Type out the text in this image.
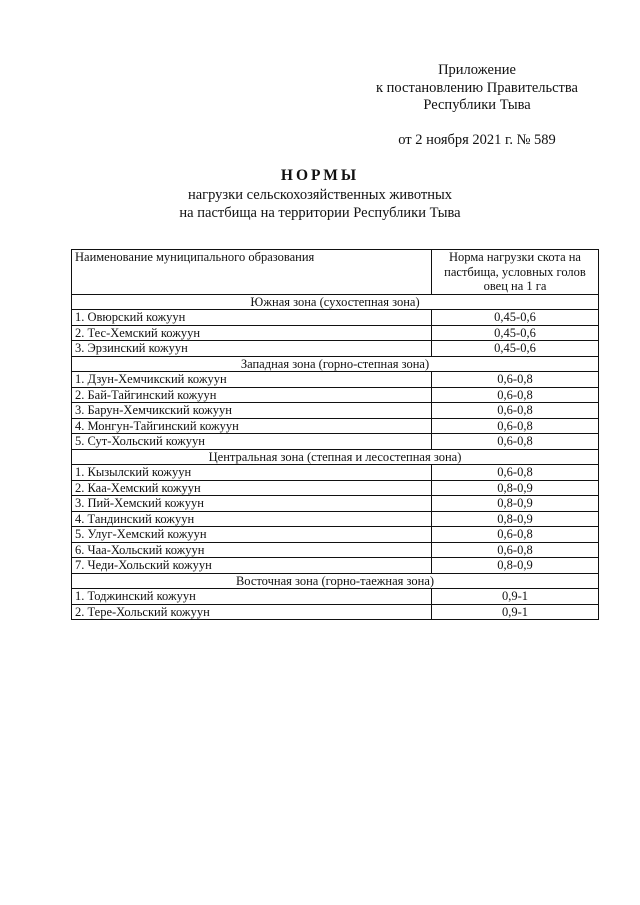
Приложение
к постановлению Правительства
Республики Тыва
от 2 ноября 2021 г. № 589
НОРМЫ
нагрузки сельскохозяйственных животных
на пастбища на территории Республики Тыва
Наименование муниципального образования	Норма нагрузки скота на пастбища, условных голов овец на 1 га
Южная зона (сухостепная зона)	
1. Овюрский кожуун	0,45-0,6
2. Тес-Хемский кожуун	0,45-0,6
3. Эрзинский кожуун	0,45-0,6
Западная зона (горно-степная зона)	
1. Дзун-Хемчикский кожуун	0,6-0,8
2. Бай-Тайгинский кожуун	0,6-0,8
3. Барун-Хемчикский кожуун	0,6-0,8
4. Монгун-Тайгинский кожуун	0,6-0,8
5. Сут-Хольский кожуун	0,6-0,8
Центральная зона (степная и лесостепная зона)	
1. Кызылский кожуун	0,6-0,8
2. Каа-Хемский кожуун	0,8-0,9
3. Пий-Хемский кожуун	0,8-0,9
4. Тандинский кожуун	0,8-0,9
5. Улуг-Хемский кожуун	0,6-0,8
6. Чаа-Хольский кожуун	0,6-0,8
7. Чеди-Хольский кожуун	0,8-0,9
Восточная зона (горно-таежная зона)	
1. Тоджинский кожуун	0,9-1
2. Тере-Хольский кожуун	0,9-1
